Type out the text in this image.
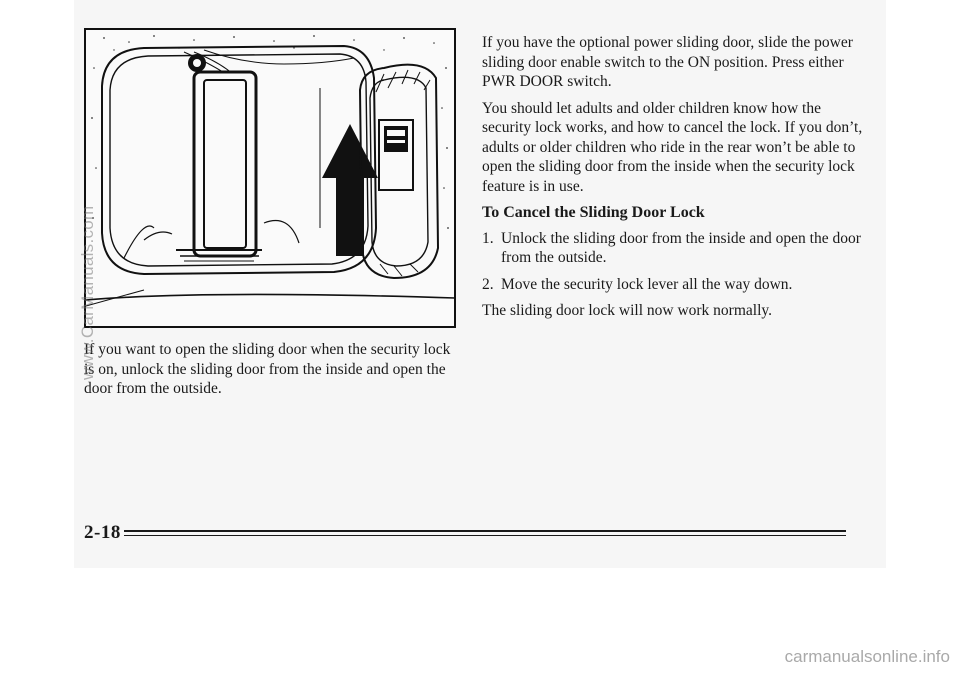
If you want to open the sliding door when the security lock is on, unlock the sliding door from the inside and open the door from the outside.

If you have the optional power sliding door, slide the power sliding door enable switch to the ON position. Press either PWR DOOR switch.

You should let adults and older children know how the security lock works, and how to cancel the lock. If you don’t, adults or older children who ride in the rear won’t be able to open the sliding door from the inside when the security lock feature is in use.

To Cancel the Sliding Door Lock
1. Unlock the sliding door from the inside and open the door from the outside.
2. Move the security lock lever all the way down.

The sliding door lock will now work normally.

2-18
www.CarManuals.com
carmanualsonline.info
